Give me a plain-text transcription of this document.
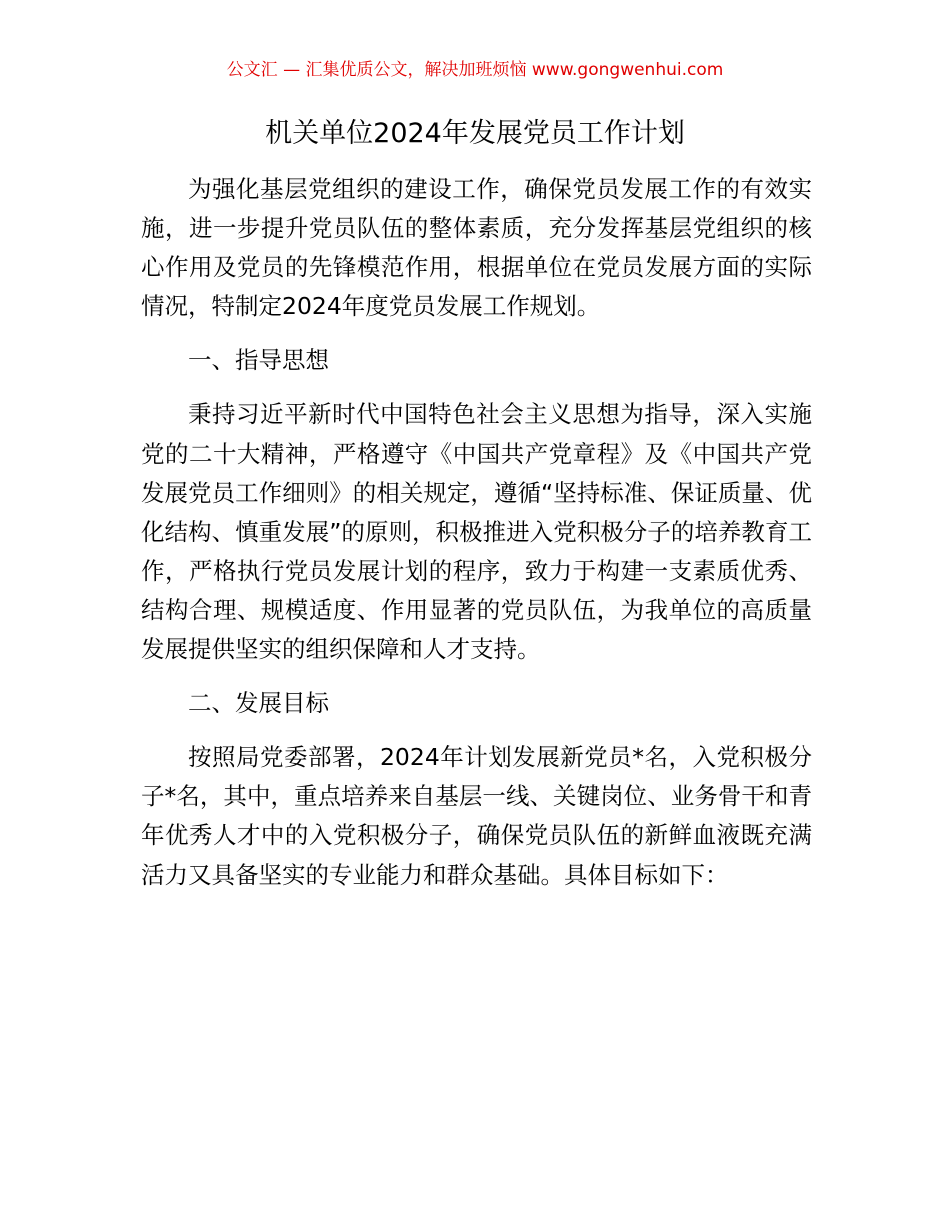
公文汇 — 汇集优质公文，解决加班烦恼 www.gongwenhui.com
机关单位2024年发展党员工作计划

为强化基层党组织的建设工作，确保党员发展工作的有效实施，进一步提升党员队伍的整体素质，充分发挥基层党组织的核心作用及党员的先锋模范作用，根据单位在党员发展方面的实际情况，特制定2024年度党员发展工作规划。

一、指导思想

秉持习近平新时代中国特色社会主义思想为指导，深入实施党的二十大精神，严格遵守《中国共产党章程》及《中国共产党发展党员工作细则》的相关规定，遵循“坚持标准、保证质量、优化结构、慎重发展”的原则，积极推进入党积极分子的培养教育工作，严格执行党员发展计划的程序，致力于构建一支素质优秀、结构合理、规模适度、作用显著的党员队伍，为我单位的高质量发展提供坚实的组织保障和人才支持。

二、发展目标

按照局党委部署，2024年计划发展新党员*名，入党积极分子*名，其中，重点培养来自基层一线、关键岗位、业务骨干和青年优秀人才中的入党积极分子，确保党员队伍的新鲜血液既充满活力又具备坚实的专业能力和群众基础。具体目标如下：
